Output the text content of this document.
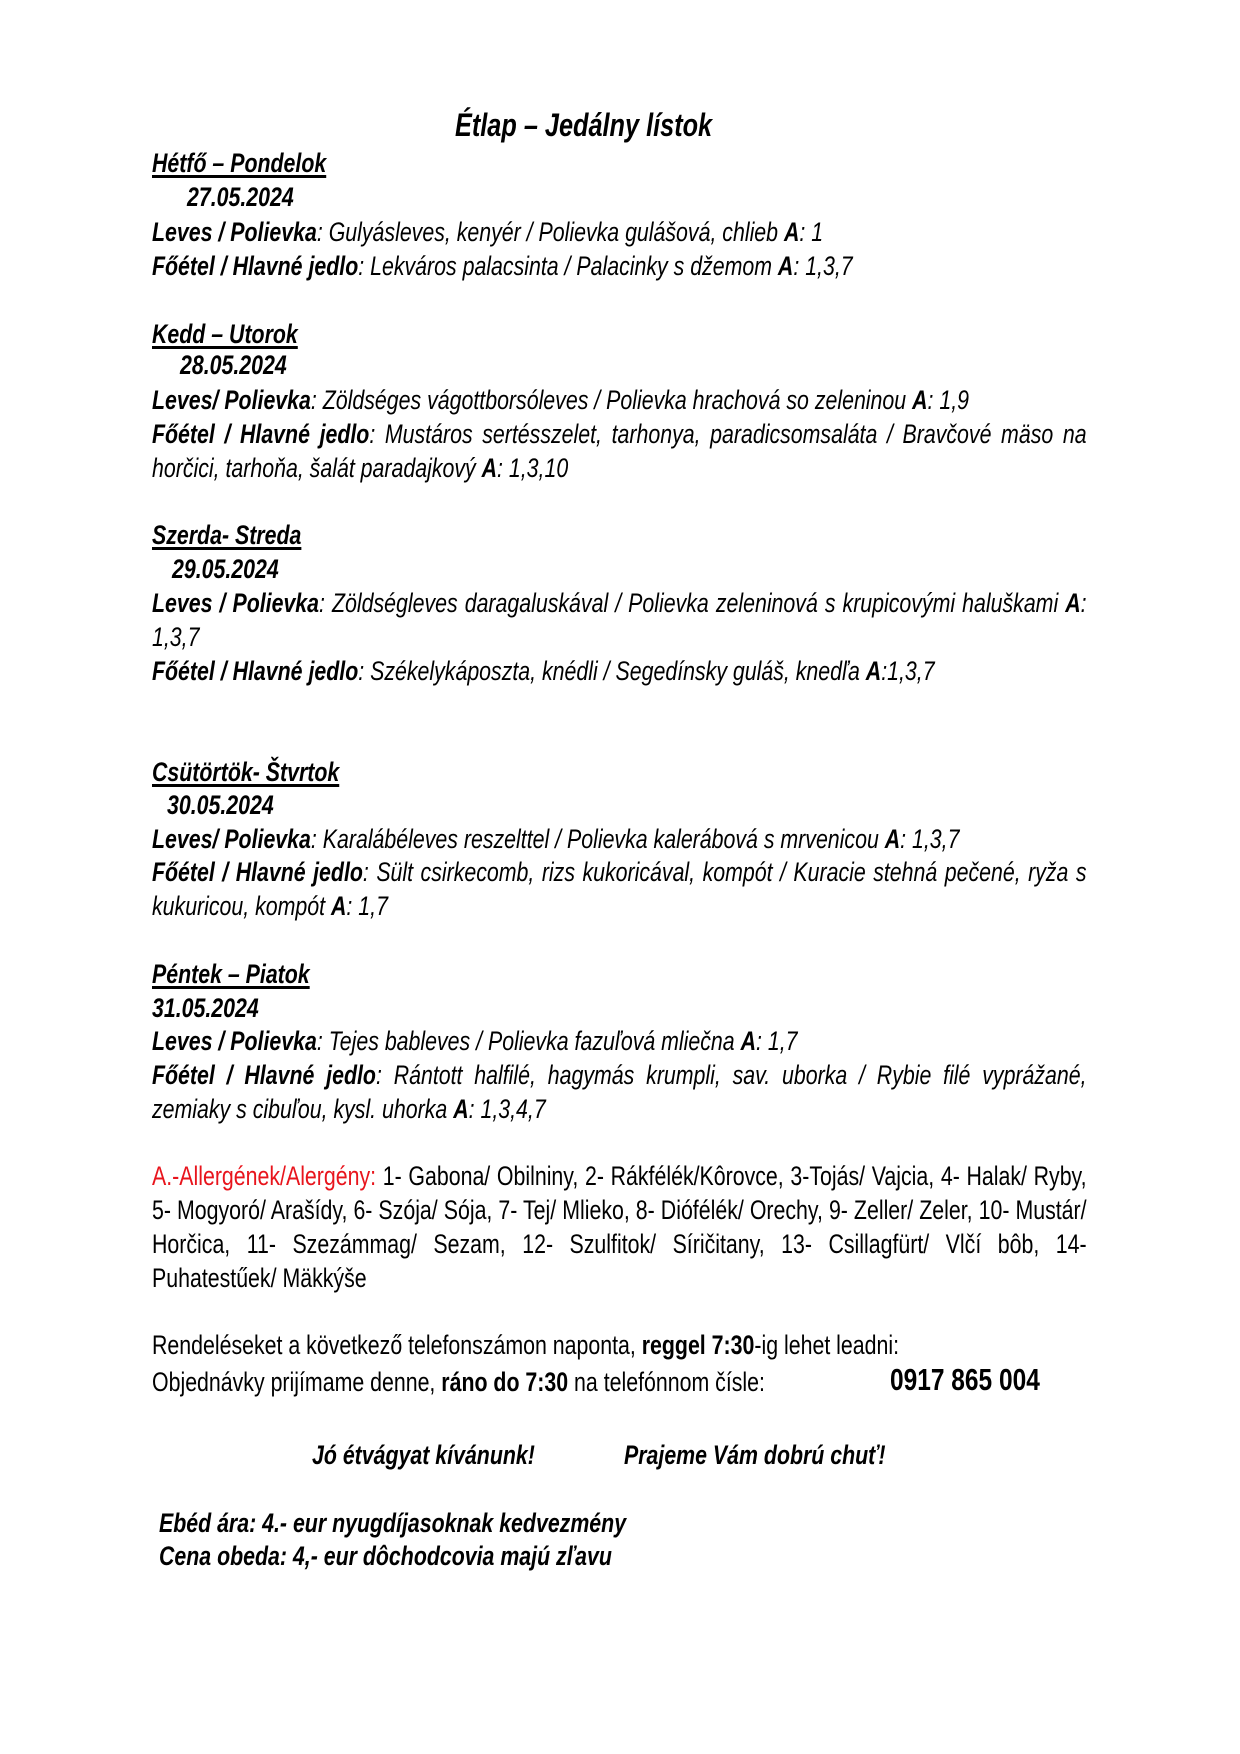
Étlap – Jedálny lístok
Hétfő – Pondelok
27.05.2024
Leves / Polievka: Gulyásleves, kenyér / Polievka gulášová, chlieb A: 1
Főétel / Hlavné jedlo: Lekváros palacsinta / Palacinky s džemom A: 1,3,7
Kedd – Utorok
28.05.2024
Leves/ Polievka: Zöldséges vágottborsóleves / Polievka hrachová so zeleninou A: 1,9
Főétel / Hlavné jedlo: Mustáros sertésszelet, tarhonya, paradicsomsaláta / Bravčové mäso na horčici, tarhoňa, šalát paradajkový A: 1,3,10
Szerda- Streda
29.05.2024
Leves / Polievka: Zöldségleves daragaluskával / Polievka zeleninová s krupicovými haluškami A: 1,3,7
Főétel / Hlavné jedlo: Székelykáposzta, knédli / Segedínsky guláš, knedľa A:1,3,7
Csütörtök- Štvrtok
30.05.2024
Leves/ Polievka: Karalábéleves reszelttel / Polievka kalerábová s mrvenicou A: 1,3,7
Főétel / Hlavné jedlo: Sült csirkecomb, rizs kukoricával, kompót / Kuracie stehná pečené, ryža s kukuricou, kompót A: 1,7
Péntek – Piatok
31.05.2024
Leves / Polievka: Tejes bableves / Polievka fazuľová mliečna A: 1,7
Főétel / Hlavné jedlo: Rántott halfilé, hagymás krumpli, sav. uborka / Rybie filé vyprážané, zemiaky s cibuľou, kysl. uhorka A: 1,3,4,7
A.-Allergének/Alergény: 1- Gabona/ Obilniny, 2- Rákfélék/Kôrovce, 3-Tojás/ Vajcia, 4- Halak/ Ryby, 5- Mogyoró/ Arašídy, 6- Szója/ Sója, 7- Tej/ Mlieko, 8- Diófélék/ Orechy, 9- Zeller/ Zeler, 10- Mustár/ Horčica, 11- Szezámmag/ Sezam, 12- Szulfitok/ Síričitany, 13- Csillagfürt/ Vlčí bôb, 14- Puhatestűek/ Mäkkýše
Rendeléseket a következő telefonszámon naponta, reggel 7:30-ig lehet leadni:
Objednávky prijímame denne, ráno do 7:30 na telefónnom čísle:	0917 865 004
Jó étvágyat kívánunk!	Prajeme Vám dobrú chuť!
Ebéd ára: 4.- eur nyugdíjasoknak kedvezmény
Cena obeda: 4,- eur dôchodcovia majú zľavu
